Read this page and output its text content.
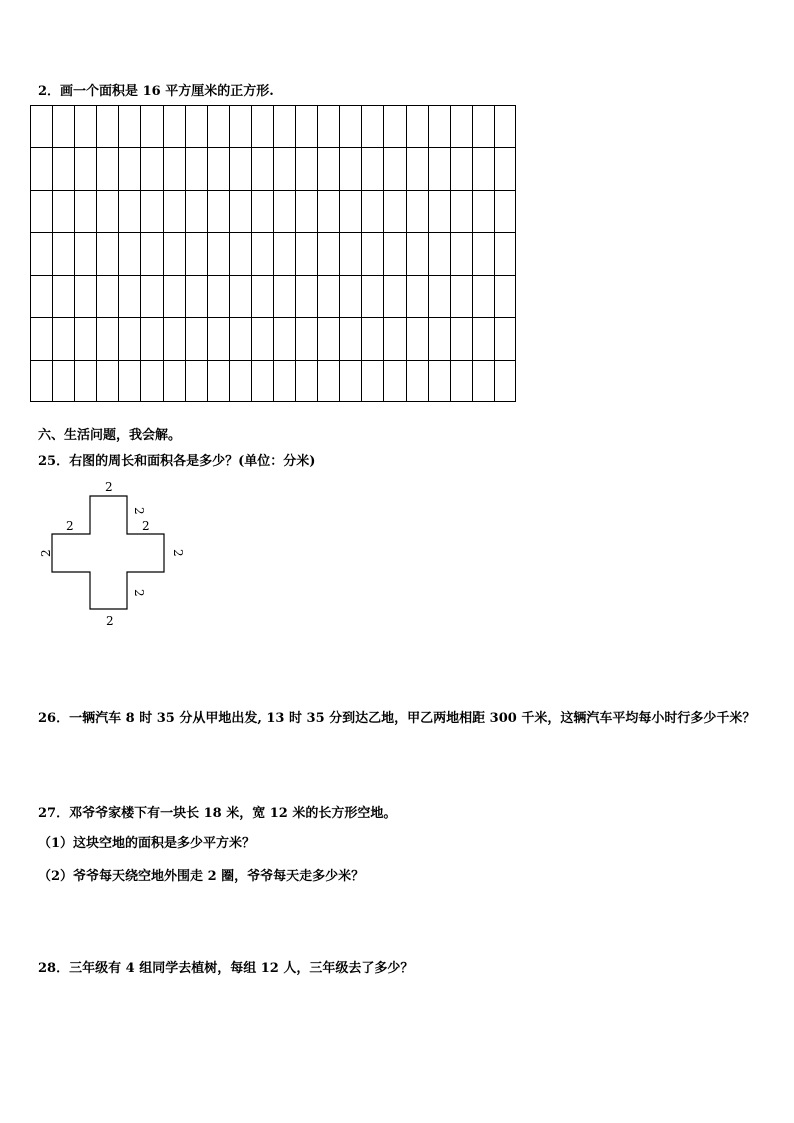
2．画一个面积是 16 平方厘米的正方形.
六、生活问题，我会解。
25．右图的周长和面积各是多少？(单位：分米)
2
2
2	2
2	2
2
2
26．一辆汽车 8 时 35 分从甲地出发, 13 时 35 分到达乙地，甲乙两地相距 300 千米，这辆汽车平均每小时行多少千米？
27．邓爷爷家楼下有一块长 18 米，宽 12 米的长方形空地。
（1）这块空地的面积是多少平方米？
（2）爷爷每天绕空地外围走 2 圈，爷爷每天走多少米？
28．三年级有 4 组同学去植树，每组 12 人，三年级去了多少？
